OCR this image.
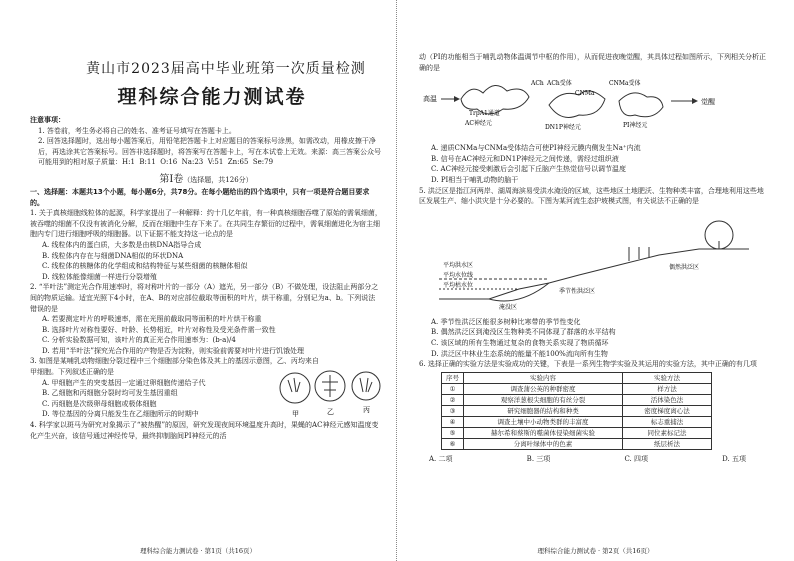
黄山市2023届高中毕业班第一次质量检测

理科综合能力测试卷

注意事项：

1. 答卷前，考生务必将自己的姓名、准考证号填写在答题卡上。

2. 回答选择题时，选出每小题答案后，用铅笔把答题卡上对应题目的答案标号涂黑，如需改动，用橡皮擦干净后，再选涂其它答案标号。回答非选择题时，将答案写在答题卡上，写在本试卷上无效。来源：高三答案公众号

可能用到的相对原子质量：H:1  B:11  O:16  Na:23  V:51  Zn:65  Se:79

第Ⅰ卷（选择题，共126分）

一、选择题：本题共13个小题，每小题6分，共78分。在每小题给出的四个选项中，只有一项是符合题目要求的。

1. 关于真核细胞线粒体的起源，科学家提出了一种解释：约十几亿年前，有一种真核细胞吞噬了原始的需氧细菌，被吞噬的细菌不仅没有被消化分解，反而在细胞中生存下来了。在共同生存繁衍的过程中，需氧细菌进化为宿主细胞内专门进行细胞呼吸的细胞器。以下证据不能支持这一论点的是

A. 线粒体内的蛋白质，大多数是由核DNA指导合成

B. 线粒体内存在与细菌DNA相似的环状DNA

C. 线粒体的核糖体的化学组成和结构特征与某些细菌的核糖体相似

D. 线粒体能像细菌一样进行分裂增殖

2. “半叶法”测定光合作用速率时，将对称叶片的一部分（A）遮光，另一部分（B）不做处理，设法阻止两部分之间的物质运输。适宜光照下4小时，在A、B的对应部位截取等面积的叶片，烘干称重，分别记为a、b。下列说法错误的是

A. 若要测定叶片的呼吸速率，需在光照前截取同等面积的叶片烘干称重

B. 选择叶片对称性要好、叶龄、长势相近，叶片对称性及受光条件需一致性

C. 分析实验数据可知，该叶片的真正光合作用速率为：(b-a)/4

D. 若用“半叶法”探究光合作用的产物是否为淀粉，则实验前需要对叶片进行饥饿处理

3. 如图是某哺乳动物细胞分裂过程中三个细胞部分染色体及其上的基因示意图，乙、丙均来自甲细胞。下列叙述正确的是

A. 甲细胞产生的突变基因一定通过卵细胞传递给子代

B. 乙细胞和丙细胞分裂时均可发生基因重组

C. 丙细胞是次级卵母细胞或极体细胞

D. 等位基因的分离只能发生在乙细胞所示的时期中	甲	乙	丙

4. 科学家以斑马为研究对象揭示了“被热醒”的原因，研究发现夜间环境温度升高时，果蝇的AC神经元感知温度变化产生兴奋，该信号通过神经传导，最终抑制脑间PI神经元的活

理科综合能力测试卷 · 第1页（共16页）

动（PI的功能相当于哺乳动物体温调节中枢的作用），从而促进夜晚觉醒，其具体过程如图所示，下列相关分析正确的是

高温
TrpA1通道
AC神经元
ACh ACh受体
CNMa
CNMa受体
DN1P神经元	PI神经元
觉醒

A. 递质CNMa与CNMa受体结合可使PI神经元膜内侧发生Na⁺内流

B. 信号在AC神经元和DN1P神经元之间传递，需经过组织液

C. AC神经元接受刺激后会引起下丘脑产生热觉信号以调节温度

D. PI相当于哺乳动物的脑干

5. 洪泛区是指江河两岸、湖周海滨易受洪水淹没的区域，这些地区土地肥沃、生物种类丰富，合理地利用这些地区发展生产、缩小洪灾是十分必要的。下图为某河流生态护坡模式图，有关说法不正确的是

平均洪水区
平均水位线
平均枯水位
淹没区
季节性洪泛区
偶然洪泛区

A. 季节性洪泛区能很多树种比寒带的季节性变化

B. 偶然洪泛区到淹没区生物种类不同体现了群落的水平结构

C. 该区域的所有生物通过复杂的食物关系实现了物质循环

D. 洪泛区中林业生态系统的能量不能100%流向所有生物

6. 选择正确的实验方法是实验成功的关键，下表是一系列生物学实验及其运用的实验方法，其中正确的有几项

序号	实验内容	实验方法
①	调查蒲公英的种群密度	样方法
②	观察洋葱根尖细胞的有丝分裂	活体染色法
③	研究细胞器的结构和种类	密度梯度离心法
④	调查土壤中小动物类群的丰富度	标志重捕法
⑤	赫尔希和蔡斯的噬菌体侵染细菌实验	同位素标记法
⑥	分离叶绿体中的色素	纸层析法
A. 二项	B. 三项	C. 四项	D. 五项
理科综合能力测试卷 · 第2页（共16页）
